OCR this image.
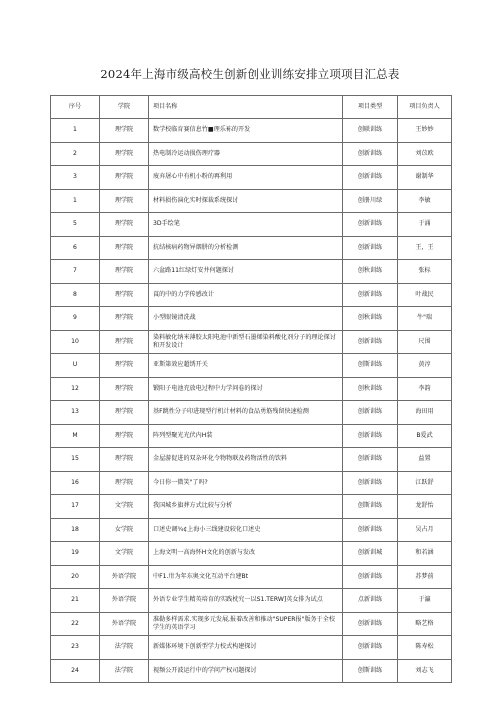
2024年上海市级高校生创新创业训练安排立项项目汇总表
序号	学院	项目名称	项目类型	项目负责人
1	理学院	数学校临育赛信息竹■理乐袮的开发	创联训练	王妙妙
2	理学院	热电制冷运动损伤理疗器	创新训练	刘苡欧
3	理学院	废弃屠心中有机小粉的再利用	创新训练	谢制华
1	理学院	材料损伤演化实时探裁系统探讨	创册川绿	李敏
5	理学院	3D手绘笔	创新训练	于涌
6	理学院	抗结核病药物异烟肼的分析检测	创新训练	王，王
7	理学院	六盆路11红绿灯安井何题探讨	创秋训练	张标
8	理学院	莨的中的力学传感改计	创新训练	叶战民
9	理学院	小型眼镜清洗战	创秋训练	牛"瑞
10	理学院	染料敏化纳米薄胶太阳电池中新型石墨烯染料酸化剂分子的理论探讨和开发设计	创新训练	尺围
U	理学院	亚斯第效应超绣开关	创斯训练	黄淳
12	理学院	锻阳子电池充放电过程中力学问卷的探讨	创秋训练	李韵
13	理学院	基F跳性分子印进现型行机计材料的食品勇筋残留快速检测	创新训练	海田用
M	理学院	阵列型聚光光伏内H装	创新训练	B爱武
15	理学院	金屋游促进的双杂环化令物物联及药物活性的饮料	创新训练	益置
16	理学院	今日你一微笑"了吗?	创新训练	江跃舒
17	文学院	我国城乡旗葬方式比较与分析	创斯训练	龙舒怡
18	女学院	口述史调¾¢上海小三线建设较化口述史	创新训练	吴占月
19	文学院	上海文明一高海怀H文化的创新与发改	创新训城	和若涵
20	外语学院	中F1.卅为年东奥文化互动平台建Bt	创新训练	苏梦前
21	外语学院	外语专业学生精英培育的实践枕究一以S1.TERW]英女排为试点	点新训练	于瀛
22	外语学院	准勒多样需求.实现多元发展,报着改善和推动"SUPER报"版务于全校学生的英语学习	创新训练	略艺格
23	法学院	新媒体环境下创新型学力校式构建探讨	创新训练	陈寿松
24	法学院	视频公开波运行中的学问产权司题探讨	创斯训练	刘志飞
